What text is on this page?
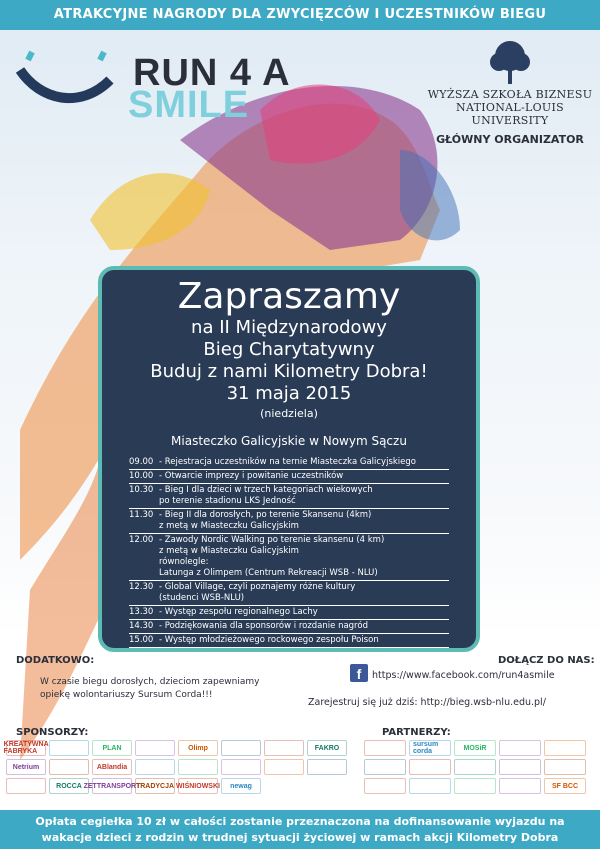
ATRAKCYJNE NAGRODY DLA ZWYCIĘZCÓW I UCZESTNIKÓW BIEGU
RUN 4 A
SMILE	WYŻSZA SZKOŁA BIZNESU
NATIONAL-LOUIS UNIVERSITY
GŁÓWNY ORGANIZATOR
Zapraszamy
na II Międzynarodowy
Bieg Charytatywny
Buduj z nami Kilometry Dobra!
31 maja 2015
(niedziela)
Miasteczko Galicyjskie w Nowym Sączu
09.00 - Rejestracja uczestników na ternie Miasteczka Galicyjskiego
10.00 - Otwarcie imprezy i powitanie uczestników
10.30 - Bieg I dla dzieci w trzech kategoriach wiekowych
po terenie stadionu LKS Jedność
11.30 - Bieg II dla dorosłych, po terenie Skansenu (4km)
z metą w Miasteczku Galicyjskim
12.00 - Zawody Nordic Walking po terenie skansenu (4 km)
z metą w Miasteczku Galicyjskim
równolegle:
Latunga z Olimpem (Centrum Rekreacji WSB - NLU)
12.30 - Global Village, czyli poznajemy różne kultury
(studenci WSB-NLU)
13.30 - Występ zespołu regionalnego Lachy
14.30 - Podziękowania dla sponsorów i rozdanie nagród
15.00 - Występ młodzieżowego rockowego zespołu Poison
DODATKOWO:
W czasie biegu dorosłych, dzieciom zapewniamy opiekę wolontariuszy Sursum Corda!!!
DOŁĄCZ DO NAS:
f	https://www.facebook.com/run4asmile
Zarejestruj się już dziś: http://bieg.wsb-nlu.edu.pl/
SPONSORZY:
KREATYWNA FABRYKA	PLAN	Olimp	FAKRO
Netrium	ABlandia
ROCCA ZETTRANSPORT
TRADYCJA WIŚNIOWSKI	newag
PARTNERZY:
sursum corda	MOSiR
SF BCC
Opłata cegiełka 10 zł w całości zostanie przeznaczona na dofinansowanie wyjazdu na
wakacje dzieci z rodzin w trudnej sytuacji życiowej w ramach akcji Kilometry Dobra
